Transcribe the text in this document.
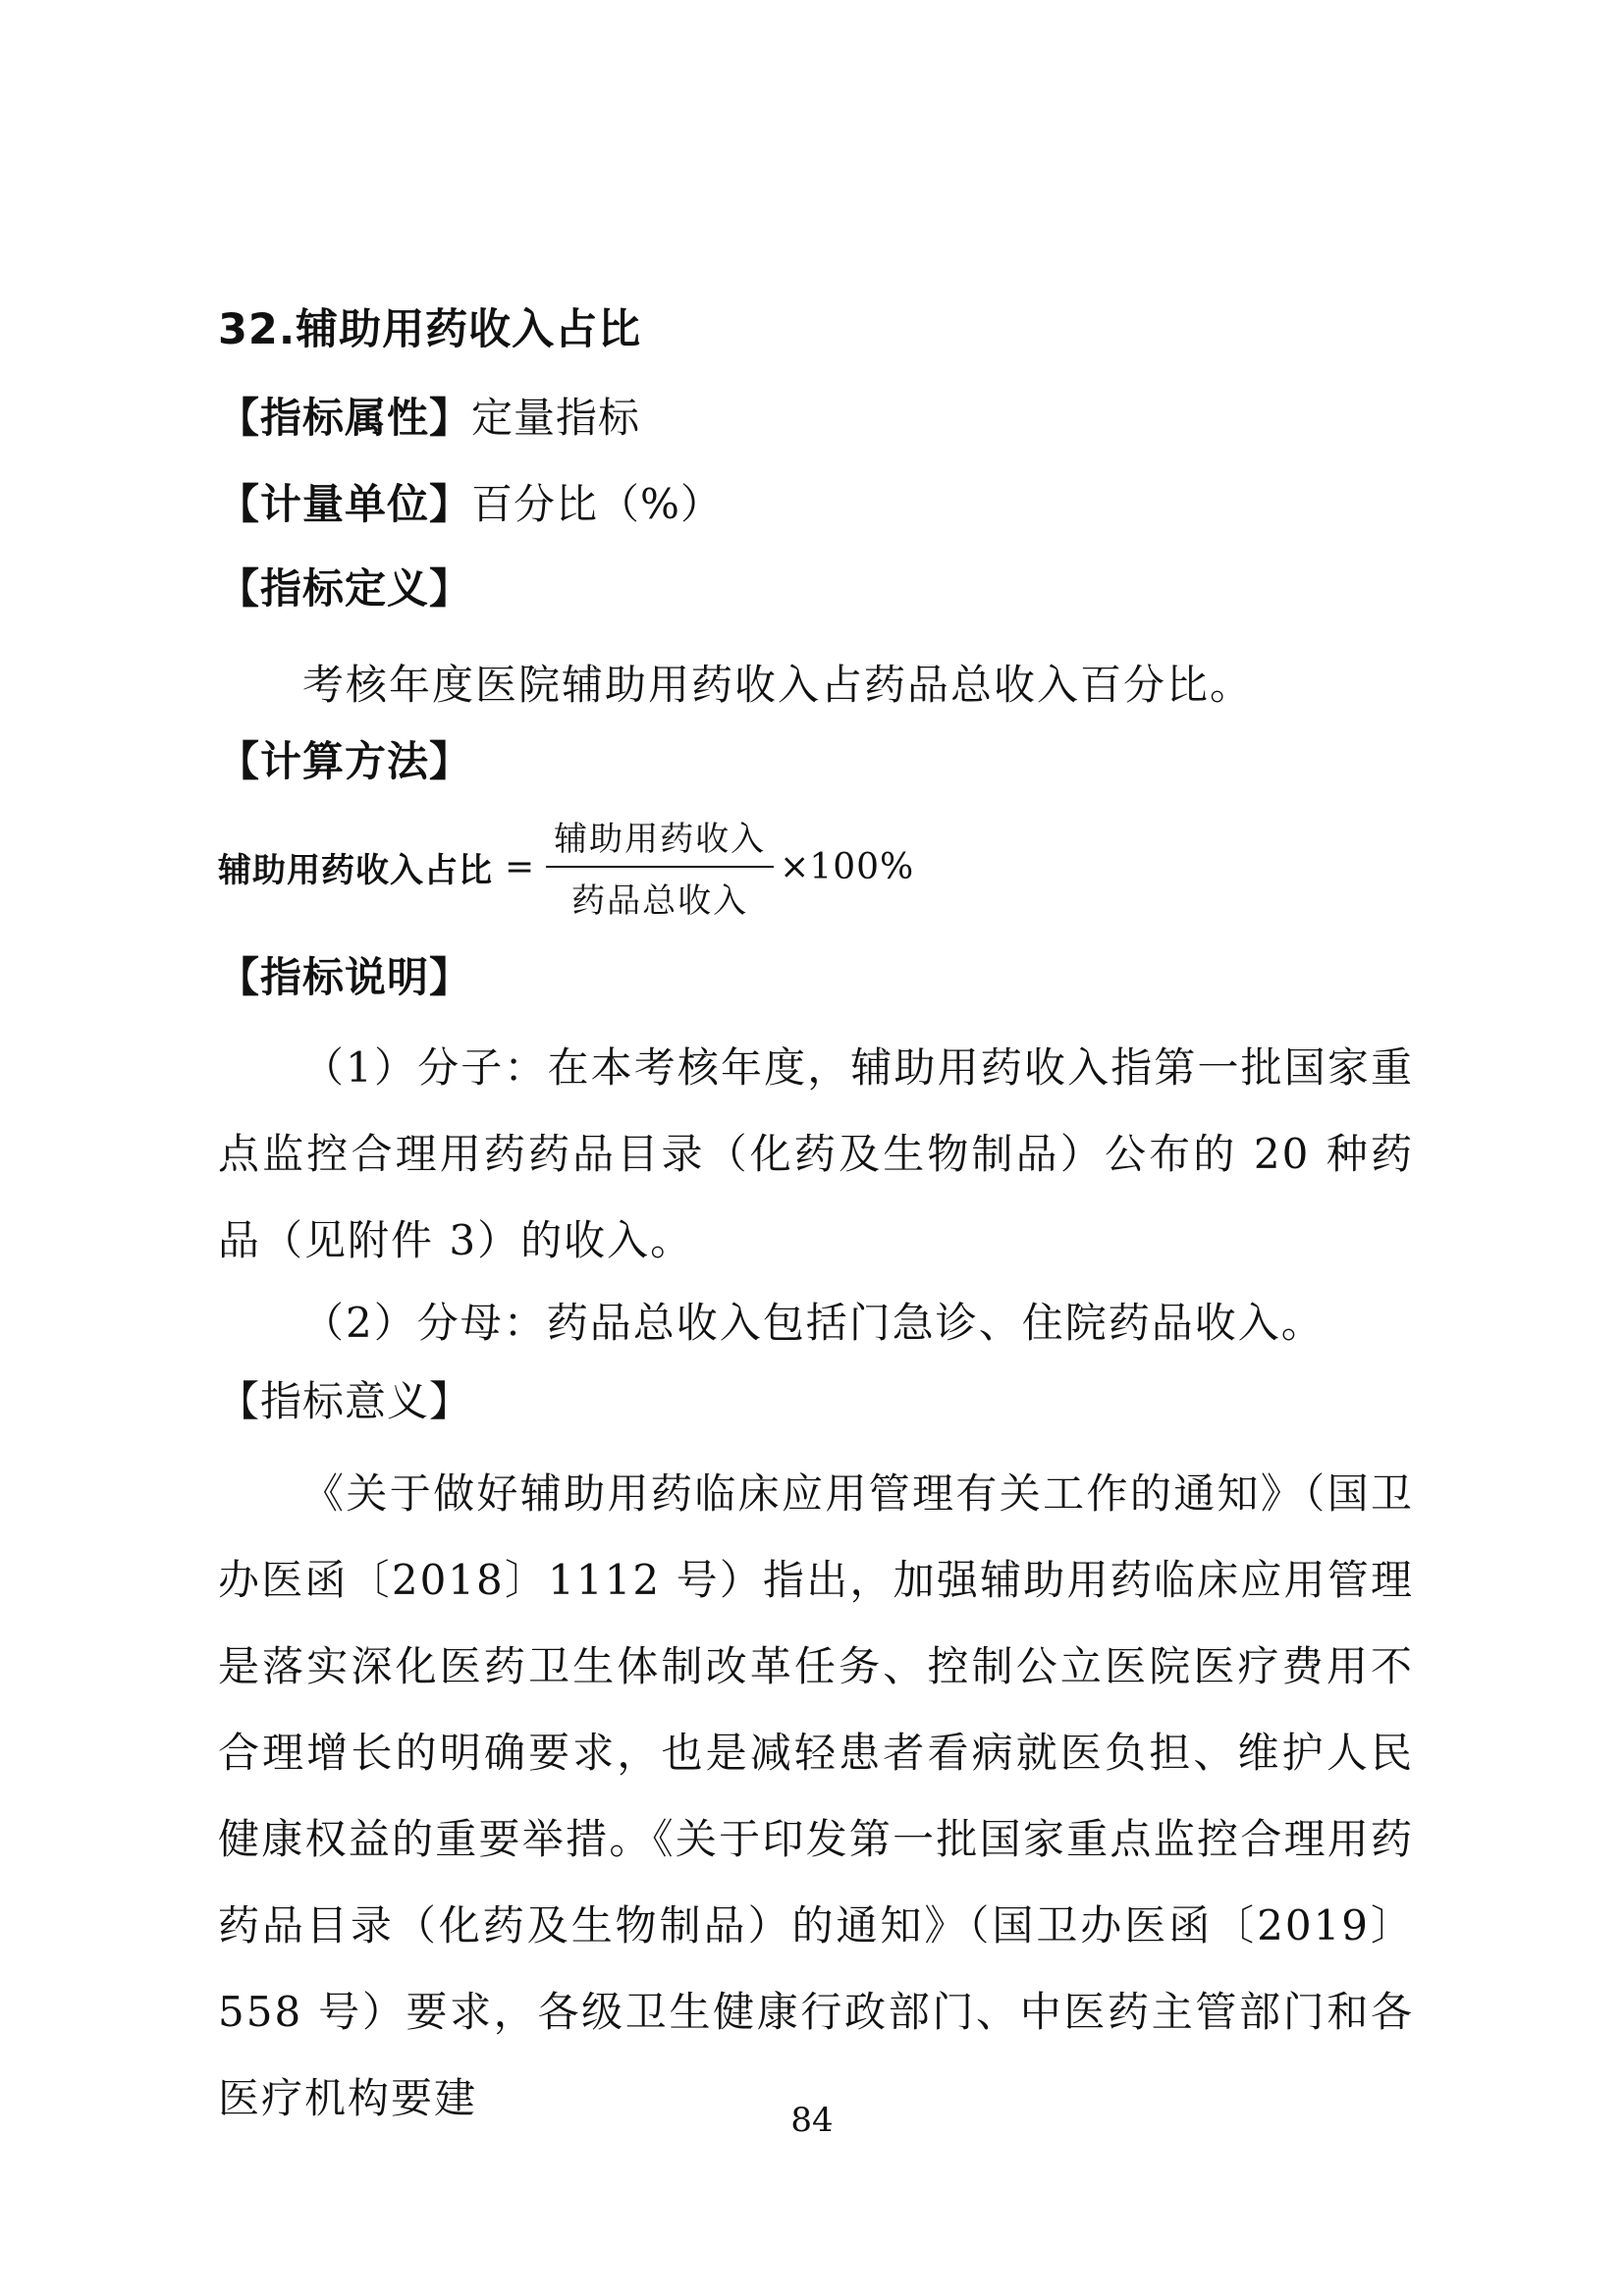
32.辅助用药收入占比
【指标属性】定量指标
【计量单位】百分比（%）
【指标定义】
考核年度医院辅助用药收入占药品总收入百分比。
【计算方法】
辅助用药收入占比 = $\frac{\text{辅助用药收入}}{\text{药品总收入}} \times 100\%$
【指标说明】
（1）分子：在本考核年度，辅助用药收入指第一批国家重点监控合理用药药品目录（化药及生物制品）公布的 20 种药品（见附件 3）的收入。
（2）分母：药品总收入包括门急诊、住院药品收入。
【指标意义】
《关于做好辅助用药临床应用管理有关工作的通知》（国卫办医函〔2018〕1112 号）指出，加强辅助用药临床应用管理是落实深化医药卫生体制改革任务、控制公立医院医疗费用不合理增长的明确要求，也是减轻患者看病就医负担、维护人民健康权益的重要举措。《关于印发第一批国家重点监控合理用药药品目录（化药及生物制品）的通知》（国卫办医函〔2019〕558 号）要求，各级卫生健康行政部门、中医药主管部门和各医疗机构要建	84
